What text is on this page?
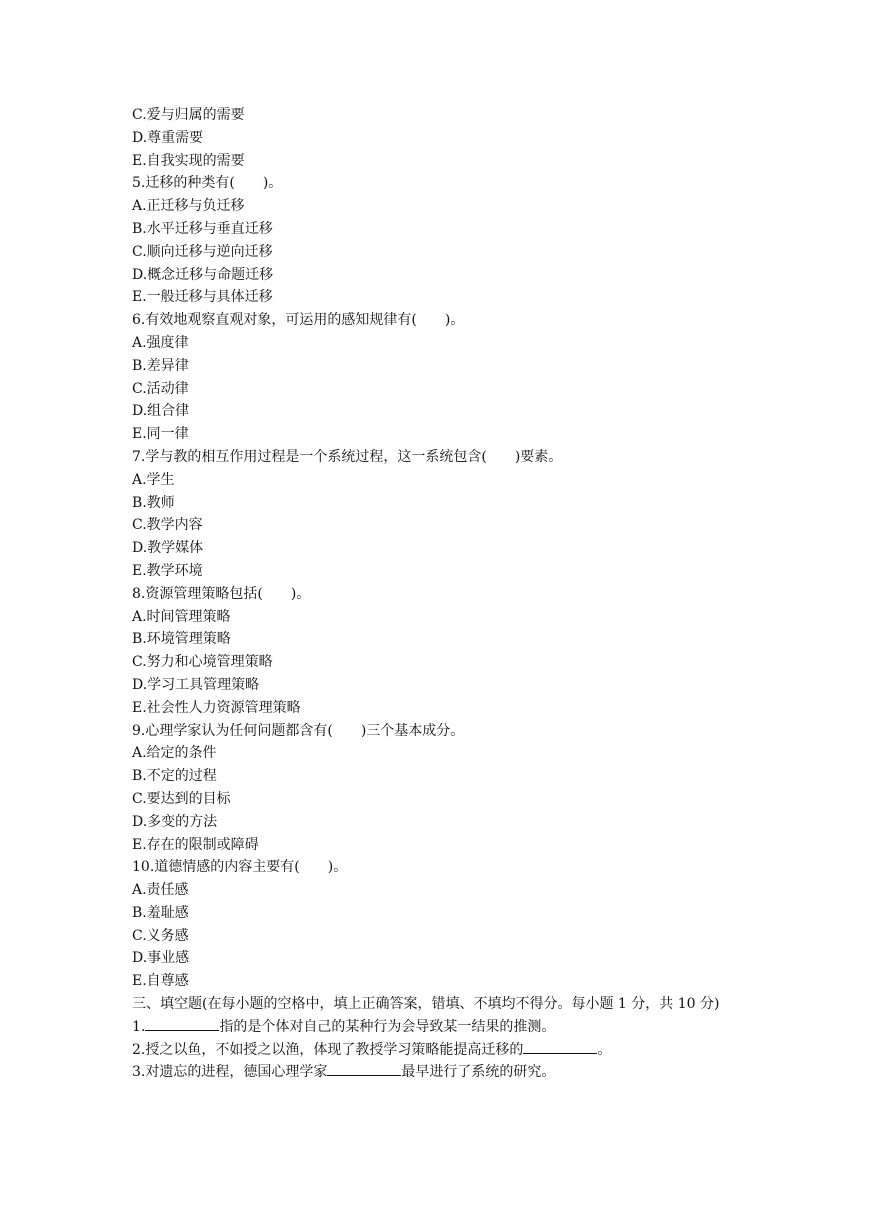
C.爱与归属的需要

D.尊重需要

E.自我实现的需要

5.迁移的种类有(　　)。

A.正迁移与负迁移

B.水平迁移与垂直迁移

C.顺向迁移与逆向迁移

D.概念迁移与命题迁移

E.一般迁移与具体迁移

6.有效地观察直观对象，可运用的感知规律有(　　)。

A.强度律

B.差异律

C.活动律

D.组合律

E.同一律

7.学与教的相互作用过程是一个系统过程，这一系统包含(　　)要素。

A.学生

B.教师

C.教学内容

D.教学媒体

E.教学环境

8.资源管理策略包括(　　)。

A.时间管理策略

B.环境管理策略

C.努力和心境管理策略

D.学习工具管理策略

E.社会性人力资源管理策略

9.心理学家认为任何问题都含有(　　)三个基本成分。

A.给定的条件

B.不定的过程

C.要达到的目标

D.多变的方法

E.存在的限制或障碍

10.道德情感的内容主要有(　　)。

A.责任感

B.羞耻感

C.义务感

D.事业感

E.自尊感

三、填空题(在每小题的空格中，填上正确答案，错填、不填均不得分。每小题 1 分，共 10 分)

1.	指的是个体对自己的某种行为会导致某一结果的推测。

2.授之以鱼，不如授之以渔，体现了教授学习策略能提高迁移的	。

3.对遗忘的进程，德国心理学家	最早进行了系统的研究。
